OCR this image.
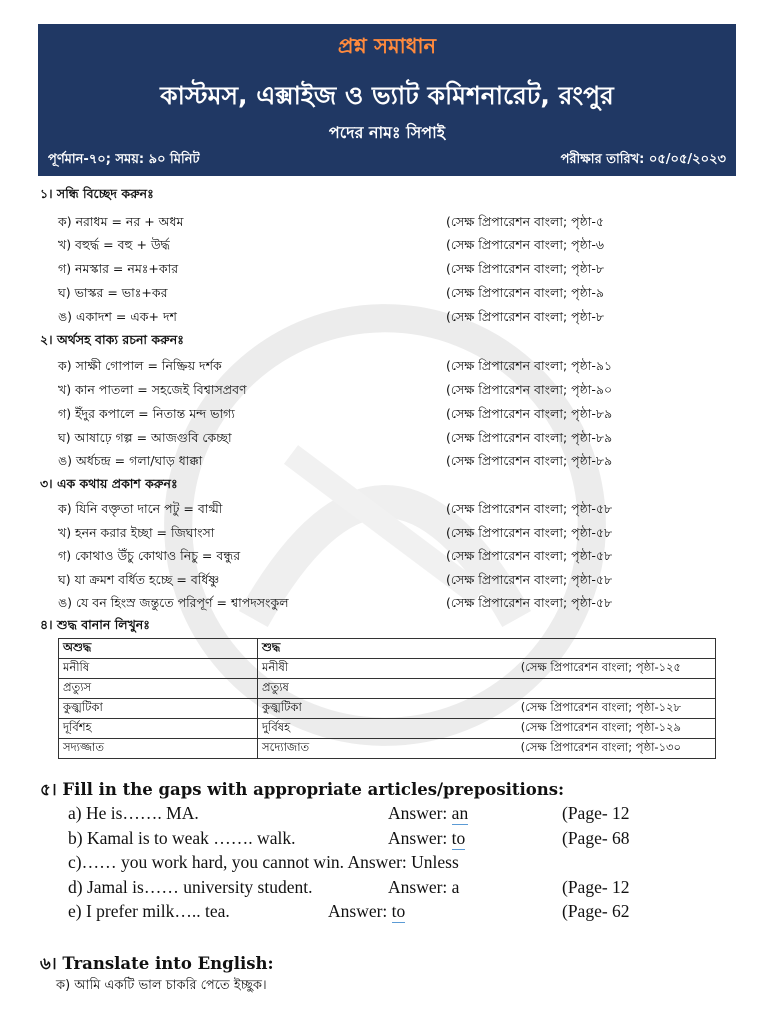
প্রশ্ন সমাধান
কাস্টমস, এক্সাইজ ও ভ্যাট কমিশনারেট, রংপুর
পদের নামঃ সিপাই
পূর্ণমান-৭০; সময়: ৯০ মিনিট	পরীক্ষার তারিখ: ০৫/০৫/২০২৩
১। সন্ধি বিচ্ছেদ করুনঃ
ক) নরাধম = নর + অধম	(সেক্ষ প্রিপারেশন বাংলা; পৃষ্ঠা-৫
খ) বহুর্দ্ধ = বহু + উর্দ্ধ	(সেক্ষ প্রিপারেশন বাংলা; পৃষ্ঠা-৬
গ) নমস্কার = নমঃ+কার	(সেক্ষ প্রিপারেশন বাংলা; পৃষ্ঠা-৮
ঘ) ভাস্কর = ভাঃ+কর	(সেক্ষ প্রিপারেশন বাংলা; পৃষ্ঠা-৯
ঙ) একাদশ = এক+ দশ	(সেক্ষ প্রিপারেশন বাংলা; পৃষ্ঠা-৮
২। অর্থসহ বাক্য রচনা করুনঃ
ক) সাক্ষী গোপাল = নিষ্ক্রিয় দর্শক	(সেক্ষ প্রিপারেশন বাংলা; পৃষ্ঠা-৯১
খ) কান পাতলা = সহজেই বিশ্বাসপ্রবণ	(সেক্ষ প্রিপারেশন বাংলা; পৃষ্ঠা-৯০
গ) ইঁদুর কপালে = নিতান্ত মন্দ ভাগ্য	(সেক্ষ প্রিপারেশন বাংলা; পৃষ্ঠা-৮৯
ঘ) আষাঢ়ে গল্প = আজগুবি কেচ্ছা	(সেক্ষ প্রিপারেশন বাংলা; পৃষ্ঠা-৮৯
ঙ) অর্ধচন্দ্র = গলা/ঘাড় ধাক্কা	(সেক্ষ প্রিপারেশন বাংলা; পৃষ্ঠা-৮৯
৩। এক কথায় প্রকাশ করুনঃ
ক) যিনি বক্তৃতা দানে পটু = বাগ্মী	(সেক্ষ প্রিপারেশন বাংলা; পৃষ্ঠা-৫৮
খ) হনন করার ইচ্ছা = জিঘাংসা	(সেক্ষ প্রিপারেশন বাংলা; পৃষ্ঠা-৫৮
গ) কোথাও উঁচু কোথাও নিচু = বন্ধুর	(সেক্ষ প্রিপারেশন বাংলা; পৃষ্ঠা-৫৮
ঘ) যা ক্রমশ বর্ধিত হচ্ছে = বর্ধিষ্ণু	(সেক্ষ প্রিপারেশন বাংলা; পৃষ্ঠা-৫৮
ঙ) যে বন হিংস্র জন্তুতে পরিপূর্ণ = শ্বাপদসংকুল	(সেক্ষ প্রিপারেশন বাংলা; পৃষ্ঠা-৫৮
৪। শুদ্ধ বানান লিখুনঃ
অশুদ্ধ	শুদ্ধ
মনীষি	মনীষী (সেক্ষ প্রিপারেশন বাংলা; পৃষ্ঠা-১২৫

প্রত্যুস	প্রত্যুষ

কুজ্ঝটিকা	কুজ্ঝটিকা (সেক্ষ প্রিপারেশন বাংলা; পৃষ্ঠা-১২৮

দূর্বিশহ	দুর্বিষহ (সেক্ষ প্রিপারেশন বাংলা; পৃষ্ঠা-১২৯

সদ্যজ্জাত	সদ্যোজাত (সেক্ষ প্রিপারেশন বাংলা; পৃষ্ঠা-১৩০
৫। Fill in the gaps with appropriate articles/prepositions:
a) He is……. MA.	Answer: an	(Page- 12
b) Kamal is to weak ……. walk.	Answer: to	(Page- 68
c)…… you work hard, you cannot win. Answer: Unless
d) Jamal is…… university student.	Answer: a	(Page- 12
e) I prefer milk….. tea.	Answer: to	(Page- 62
৬। Translate into English:
ক) আমি একটি ভাল চাকরি পেতে ইচ্ছুক।
